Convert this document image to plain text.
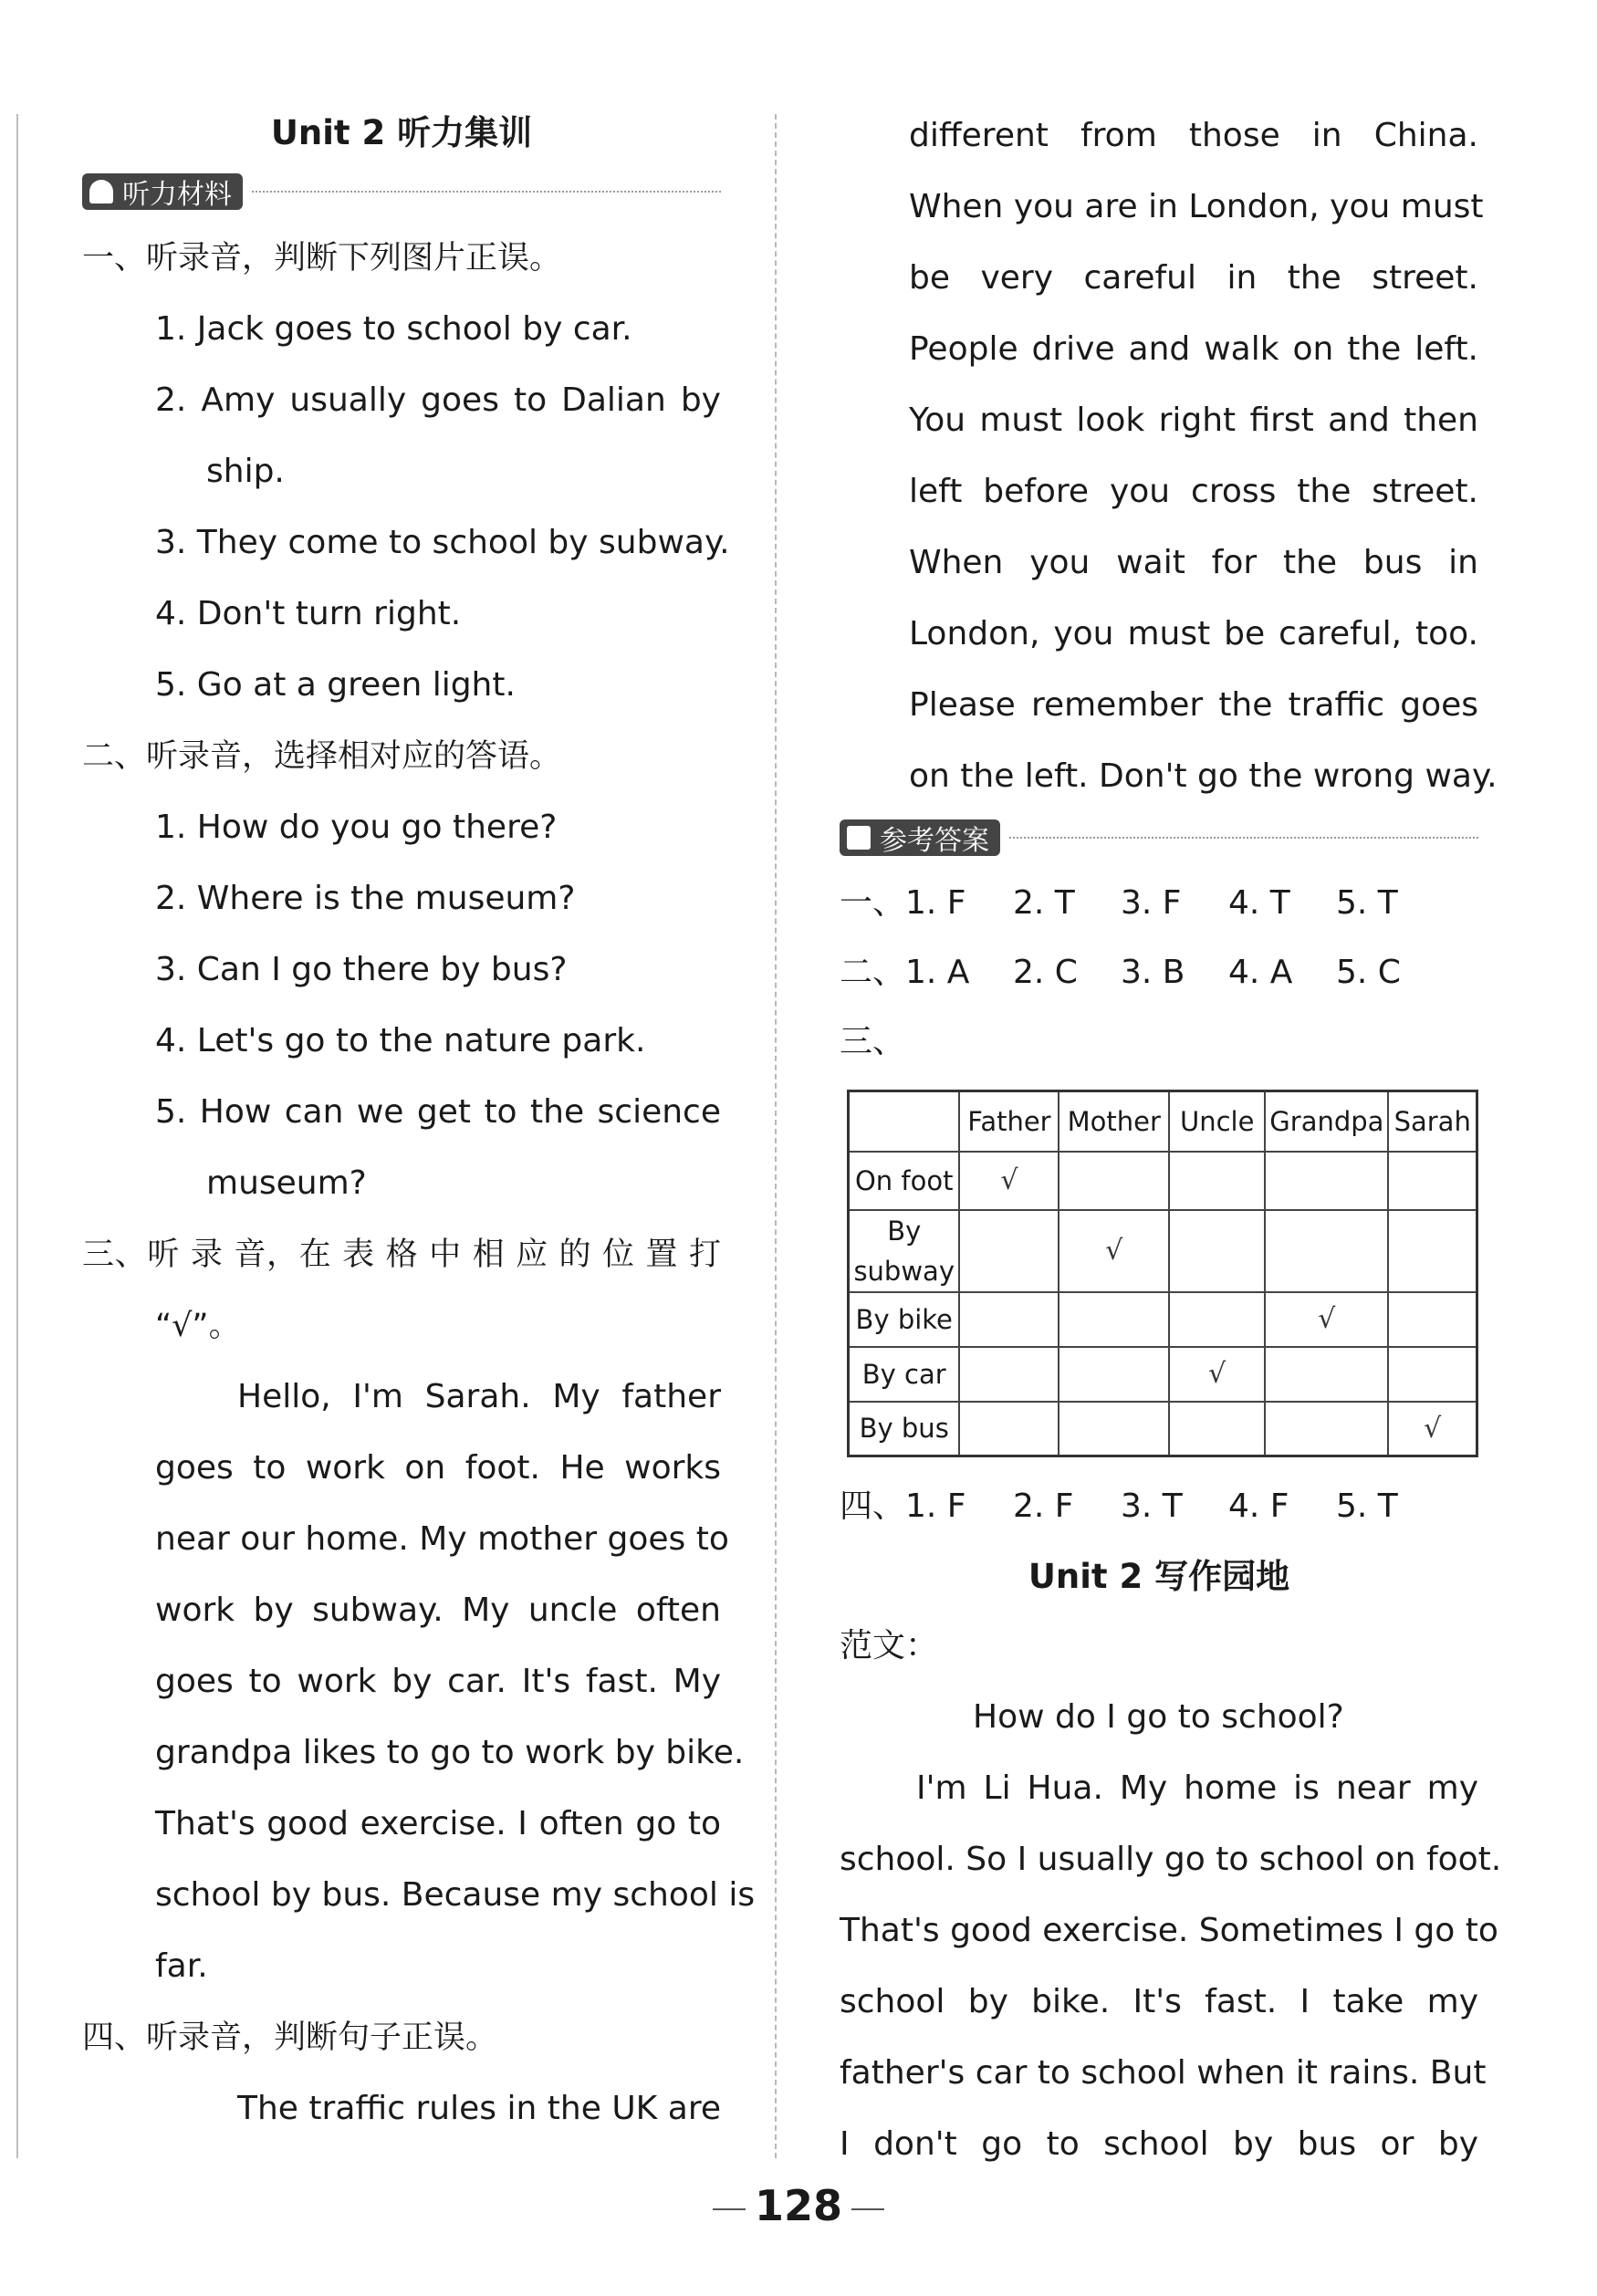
Unit 2 听力集训
听力材料
一、听录音，判断下列图片正误。
1. Jack goes to school by car.
2. Amy usually goes to Dalian by
ship.
3. They come to school by subway.
4. Don't turn right.
5. Go at a green light.
二、听录音，选择相对应的答语。
1. How do you go there?
2. Where is the museum?
3. Can I go there by bus?
4. Let's go to the nature park.
5. How can we get to the science
museum?
三、听 录 音，在 表 格 中 相 应 的 位 置 打
“√”。
Hello, I'm Sarah. My father
goes to work on foot. He works
near our home. My mother goes to
work by subway. My uncle often
goes to work by car. It's fast. My
grandpa likes to go to work by bike.
That's good exercise. I often go to
school by bus. Because my school is
far.
四、听录音，判断句子正误。
The traffic rules in the UK are
different from those in China.
When you are in London, you must
be very careful in the street.
People drive and walk on the left.
You must look right first and then
left before you cross the street.
When you wait for the bus in
London, you must be careful, too.
Please remember the traffic goes
on the left. Don't go the wrong way.
参考答案
一、1. F 2. T 3. F 4. T 5. T
二、1. A 2. C 3. B 4. A 5. C
三、
	Father	Mother	Uncle	Grandpa	Sarah
On foot	√				
By
subway		√			
By bike				√	
By car			√		
By bus					√
四、1. F 2. F 3. T 4. F 5. T
Unit 2 写作园地
范文：
How do I go to school?
I'm Li Hua. My home is near my
school. So I usually go to school on foot.
That's good exercise. Sometimes I go to
school by bike. It's fast. I take my
father's car to school when it rains. But
I don't go to school by bus or by
128
